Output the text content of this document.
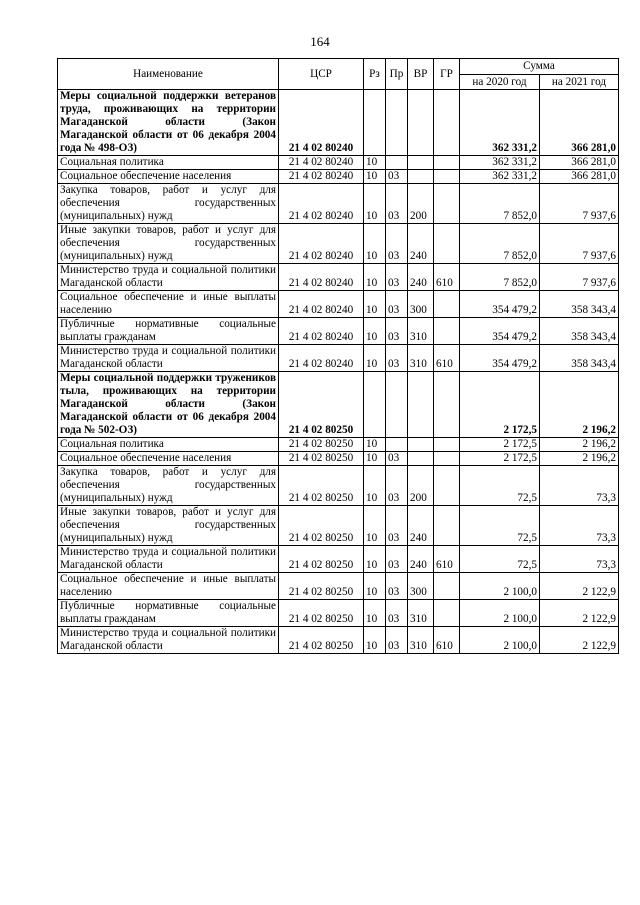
164
Наименование	ЦСР	Рз	Пр	ВР	ГР	Сумма	
						на 2020 год	на 2021 год
Меры социальной поддержки ветеранов труда, проживающих на территории Магаданской области (Закон Магаданской области от 06 декабря 2004 года № 498-ОЗ)	21 4 02 80240					362 331,2	366 281,0
Социальная политика	21 4 02 80240	10				362 331,2	366 281,0
Социальное обеспечение населения	21 4 02 80240	10	03			362 331,2	366 281,0
Закупка товаров, работ и услуг для обеспечения государственных (муниципальных) нужд	21 4 02 80240	10	03	200		7 852,0	7 937,6
Иные закупки товаров, работ и услуг для обеспечения государственных (муниципальных) нужд	21 4 02 80240	10	03	240		7 852,0	7 937,6
Министерство труда и социальной политики Магаданской области	21 4 02 80240	10	03	240	610	7 852,0	7 937,6
Социальное обеспечение и иные выплаты населению	21 4 02 80240	10	03	300		354 479,2	358 343,4
Публичные нормативные социальные выплаты гражданам	21 4 02 80240	10	03	310		354 479,2	358 343,4
Министерство труда и социальной политики Магаданской области	21 4 02 80240	10	03	310	610	354 479,2	358 343,4
Меры социальной поддержки тружеников тыла, проживающих на территории Магаданской области (Закон Магаданской области от 06 декабря 2004 года № 502-ОЗ)	21 4 02 80250					2 172,5	2 196,2
Социальная политика	21 4 02 80250	10				2 172,5	2 196,2
Социальное обеспечение населения	21 4 02 80250	10	03			2 172,5	2 196,2
Закупка товаров, работ и услуг для обеспечения государственных (муниципальных) нужд	21 4 02 80250	10	03	200		72,5	73,3
Иные закупки товаров, работ и услуг для обеспечения государственных (муниципальных) нужд	21 4 02 80250	10	03	240		72,5	73,3
Министерство труда и социальной политики Магаданской области	21 4 02 80250	10	03	240	610	72,5	73,3
Социальное обеспечение и иные выплаты населению	21 4 02 80250	10	03	300		2 100,0	2 122,9
Публичные нормативные социальные выплаты гражданам	21 4 02 80250	10	03	310		2 100,0	2 122,9
Министерство труда и социальной политики Магаданской области	21 4 02 80250	10	03	310	610	2 100,0	2 122,9
